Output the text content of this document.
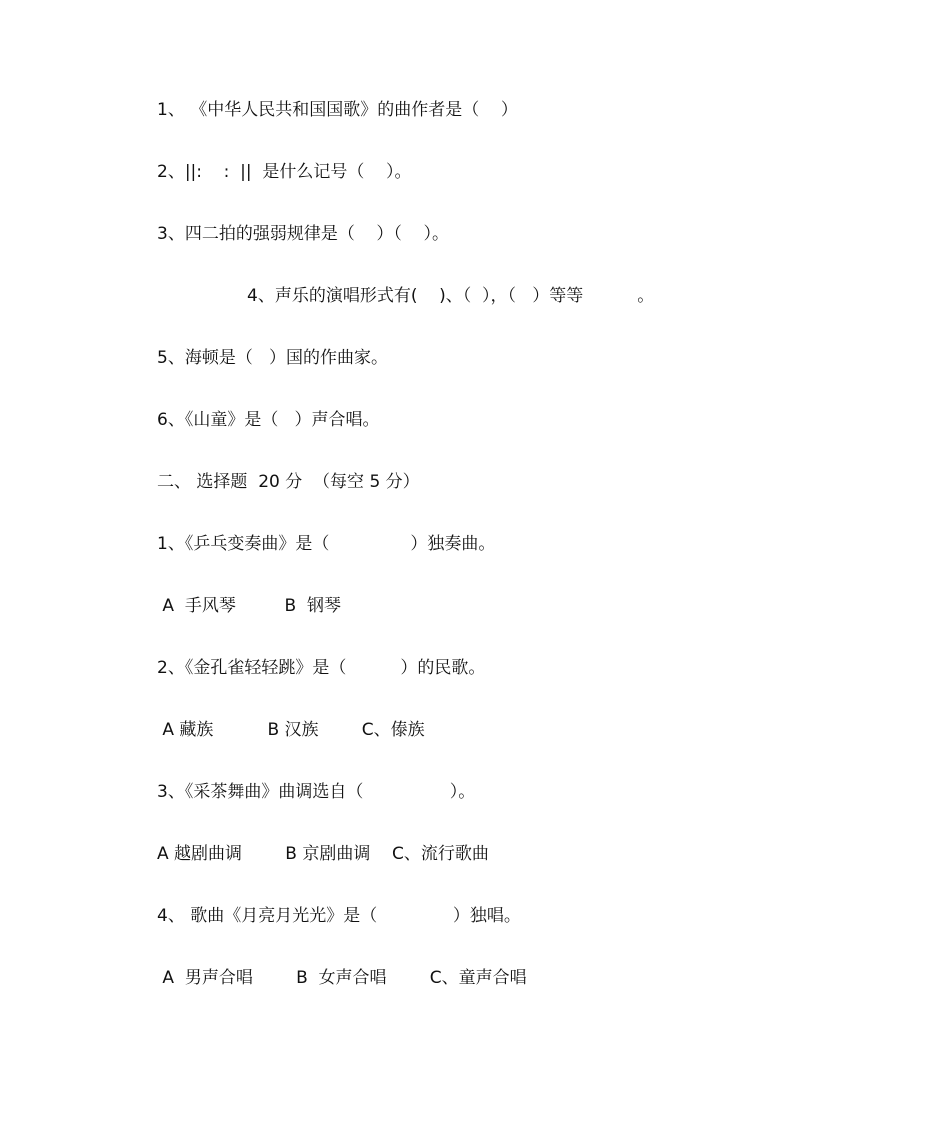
1、 《中华人民共和国国歌》的曲作者是（    ）
2、||:    :  ||  是什么记号（    ）。
3、四二拍的强弱规律是（    ）（    ）。
4、声乐的演唱形式有(    )、（  ），（   ）等等          。
5、海顿是（   ）国的作曲家。
6、《山童》是（   ）声合唱。
二、 选择题  20 分  （每空 5 分）
1、《乒乓变奏曲》是（               ）独奏曲。
A  手风琴         B  钢琴
2、《金孔雀轻轻跳》是（          ）的民歌。
A 藏族          B 汉族        C、傣族
3、《采茶舞曲》曲调选自（                ）。
A 越剧曲调        B 京剧曲调    C、流行歌曲
4、 歌曲《月亮月光光》是（              ）独唱。
A  男声合唱        B  女声合唱        C、童声合唱
